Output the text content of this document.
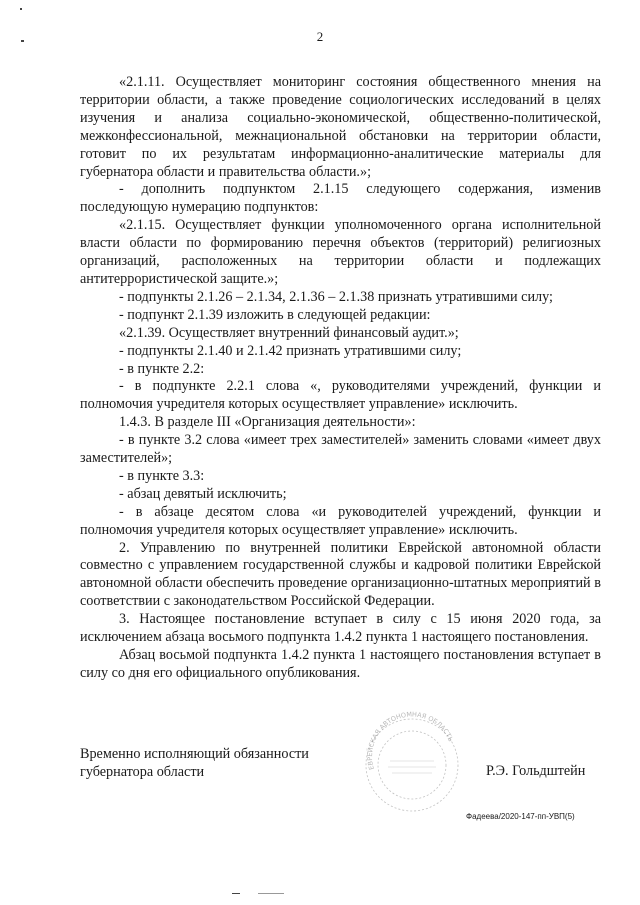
2

«2.1.11. Осуществляет мониторинг состояния общественного мнения на территории области, а также проведение социологических исследований в целях изучения и анализа социально-экономической, общественно-политической, межконфессиональной, межнациональной обстановки на территории области, готовит по их результатам информационно-аналитические материалы для губернатора области и правительства области.»;

- дополнить подпунктом 2.1.15 следующего содержания, изменив последующую нумерацию подпунктов:

«2.1.15. Осуществляет функции уполномоченного органа исполнительной власти области по формированию перечня объектов (территорий) религиозных организаций, расположенных на территории области и подлежащих антитеррористической защите.»;

- подпункты 2.1.26 – 2.1.34, 2.1.36 – 2.1.38 признать утратившими силу;

- подпункт 2.1.39 изложить в следующей редакции:

«2.1.39. Осуществляет внутренний финансовый аудит.»;

- подпункты 2.1.40 и 2.1.42 признать утратившими силу;

- в пункте 2.2:

- в подпункте 2.2.1 слова «, руководителями учреждений, функции и полномочия учредителя которых осуществляет управление» исключить.

1.4.3. В разделе III «Организация деятельности»:

- в пункте 3.2 слова «имеет трех заместителей» заменить словами «имеет двух заместителей»;

- в пункте 3.3:

- абзац девятый исключить;

- в абзаце десятом слова «и руководителей учреждений, функции и полномочия учредителя которых осуществляет управление» исключить.

2. Управлению по внутренней политики Еврейской автономной области совместно с управлением государственной службы и кадровой политики Еврейской автономной области обеспечить проведение организационно-штатных мероприятий в соответствии с законодательством Российской Федерации.

3. Настоящее постановление вступает в силу с 15 июня 2020 года, за исключением абзаца восьмого подпункта 1.4.2 пункта 1 настоящего постановления.

Абзац восьмой подпункта 1.4.2 пункта 1 настоящего постановления вступает в силу со дня его официального опубликования.

Временно исполняющий обязанности
губернатора области	ЕВРЕЙСКАЯ АВТОНОМНАЯ ОБЛАСТЬ
Р.Э. Гольдштейн
Фадеева/2020-147-пп-УВП(5)
